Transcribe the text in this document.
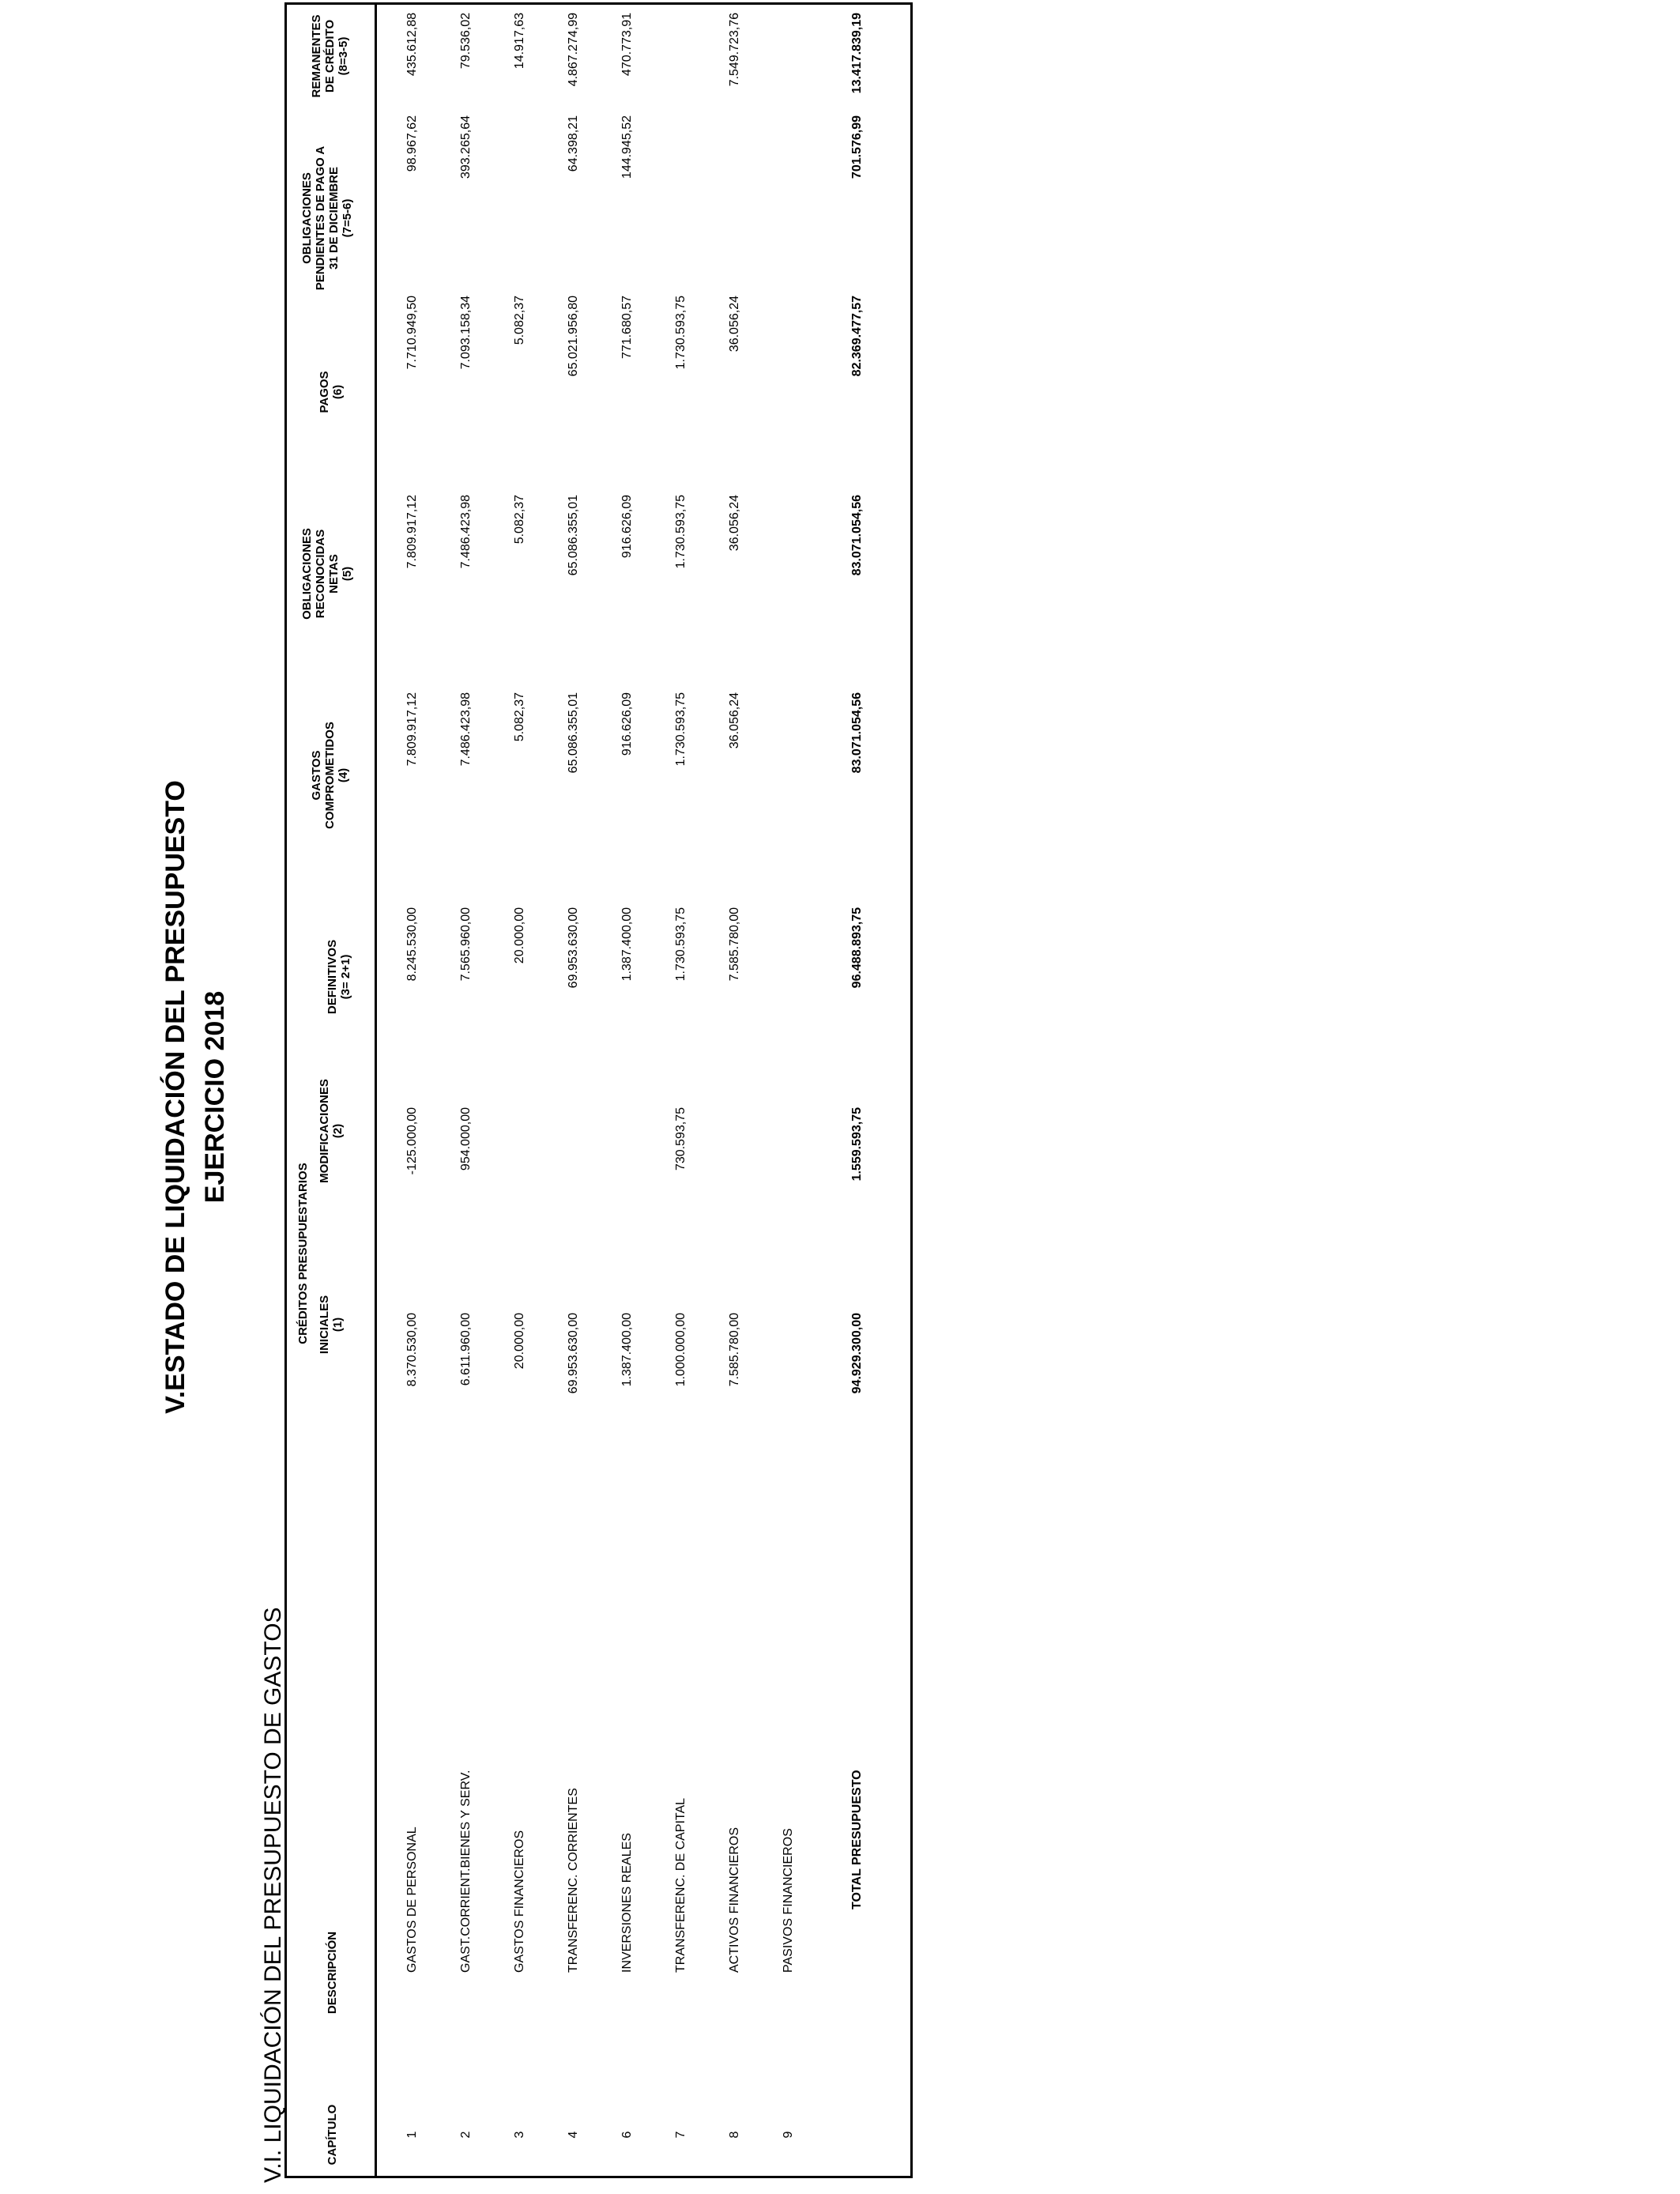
V.ESTADO DE LIQUIDACIÓN DEL PRESUPUESTO EJERCICIO 2018
V.I. LIQUIDACIÓN DEL PRESUPUESTO DE GASTOS	CAPÍTULO
DESCRIPCIÓN
CRÉDITOS PRESUPUESTARIOS INICIALES (1)
MODIFICACIONES (2)
DEFINITIVOS (3= 2+1)
GASTOS COMPROMETIDOS (4)
OBLIGACIONES RECONOCIDAS NETAS (5)
PAGOS (6)
OBLIGACIONES PENDIENTES DE PAGO A 31 DE DICIEMBRE (7=5-6)
REMANENTES DE CRÉDITO (8=3-5)
1
GASTOS DE PERSONAL
8.370.530,00
-125.000,00
8.245.530,00
7.809.917,12
7.809.917,12
7.710.949,50
98.967,62
435.612,88
2
GAST.CORRIENT.BIENES Y SERV.
6.611.960,00
954.000,00
7.565.960,00
7.486.423,98
7.486.423,98
7.093.158,34
393.265,64
79.536,02
3
GASTOS FINANCIEROS
20.000,00
20.000,00
5.082,37
5.082,37
5.082,37
14.917,63
4
TRANSFERENC. CORRIENTES
69.953.630,00
69.953.630,00
65.086.355,01
65.086.355,01
65.021.956,80
64.398,21
4.867.274,99
6
INVERSIONES REALES
1.387.400,00
1.387.400,00
916.626,09
916.626,09
771.680,57
144.945,52
470.773,91
7
TRANSFERENC. DE CAPITAL
1.000.000,00
730.593,75
1.730.593,75
1.730.593,75
1.730.593,75
1.730.593,75
8
ACTIVOS FINANCIEROS
7.585.780,00
7.585.780,00
36.056,24
36.056,24
36.056,24
7.549.723,76
9
PASIVOS FINANCIEROS	TOTAL PRESUPUESTO
94.929.300,00
1.559.593,75
96.488.893,75
83.071.054,56
83.071.054,56
82.369.477,57
701.576,99
13.417.839,19
